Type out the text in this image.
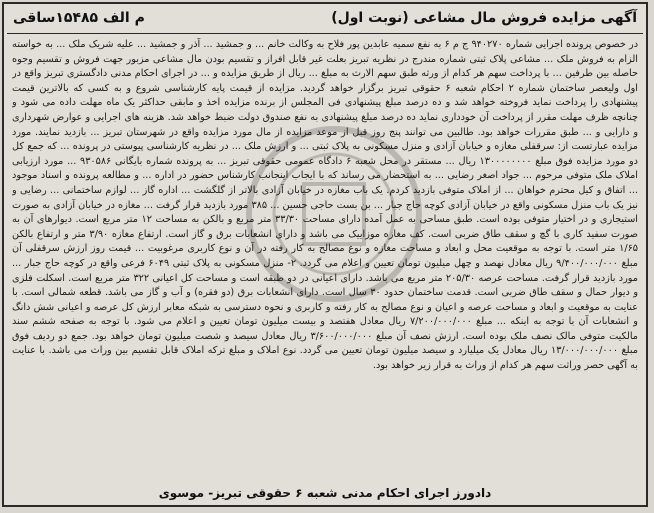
آگهی مزایده فروش مال مشاعی (نوبت اول)
م الف ۱۵۴۸۵ساقی
در خصوص پرونده اجرایی شماره ۹۴۰۲۷۰ ج م ۶ به نفع سمیه عابدین پور فلاح به وکالت خانم ... و جمشید ... آذر و جمشید ... علیه شریک ملک ... به خواسته الزام به فروش ملک ... مشاعی پلاک ثبتی شماره مندرج در نظریه تبریز بعلت غیر قابل افراز و تقسیم بودن مال مشاعی مزبور جهت فروش و تقسیم وجوه حاصله بین طرفین ... با پرداخت سهم هر کدام از ورثه طبق سهم الارث به مبلغ ... ریال از طریق مزایده و ... در اجرای احکام مدنی دادگستری تبریز واقع در اول ولیعصر ساختمان شماره ۲ احکام شعبه ۶ حقوقی تبریز برگزار خواهد گردید. مزایده از قیمت پایه کارشناسی شروع و به کسی که بالاترین قیمت پیشنهادی را پرداخت نماید فروخته خواهد شد و ده درصد مبلغ پیشنهادی فی المجلس از برنده مزایده اخذ و مابقی حداکثر یک ماه مهلت داده می شود و چنانچه ظرف مهلت مقرر از پرداخت آن خودداری نماید ده درصد مبلغ پیشنهادی به نفع صندوق دولت ضبط خواهد شد. هزینه های اجرایی و عوارض شهرداری و دارایی و ... طبق مقررات خواهد بود. طالبین می توانند پنج روز قبل از موعد مزایده از مال مورد مزایده واقع در شهرستان تبریز ... بازدید نمایند. مورد مزایده عبارتست از: سرقفلی مغازه و خیابان آزادی و منزل مسکونی به پلاک ثبتی ... و ارزش ملک ... در نظریه کارشناسی پیوستی در پرونده ... که جمع کل دو مورد مزایده فوق مبلغ ۱۳۰۰۰۰۰۰۰۰ ریال ... مستقر در محل شعبه ۶ دادگاه عمومی حقوقی تبریز ... به پرونده شماره بایگانی ۹۳۰۵۸۶ ... مورد ارزیابی املاک ملک متوفی مرحوم ... جواد اصغر رضایی ... به استحضار می رساند که با ایجاب اینجانب کارشناس حضور در اداره ... و مطالعه پرونده و اسناد موجود ... اتفاق و کیل محترم خواهان ... از املاک متوفی بازدید کردم. یک باب مغازه در خیابان آزادی بالاتر از گلگشت ... اداره گاز ... لوازم ساختمانی ... رضایی و نیز یک باب منزل مسکونی واقع در خیابان آزادی کوچه حاج جبار ... بن بست حاجی حسین ... ۳۸۵ مورد بازدید قرار گرفت ... مغازه در خیابان آزادی به صورت استیجاری و در اختیار متوفی بوده است. طبق مساحی به عمل آمده دارای مساحت ۳۳/۳۰ متر مربع و بالکن به مساحت ۱۲ متر مربع است. دیوارهای آن به صورت سفید کاری با گچ و سقف طاق ضربی است. کف مغازه موزاییک می باشد و دارای انشعابات برق و گاز است. ارتفاع مغازه ۳/۹۰ متر و ارتفاع بالکن ۱/۶۵ متر است. با توجه به موقعیت محل و ابعاد و مساحت مغازه و نوع مصالح به کار رفته در آن و نوع کاربری مرغوبیت ... قیمت روز ارزش سرقفلی آن مبلغ ۹/۴۰۰/۰۰۰/۰۰۰ ریال معادل نهصد و چهل میلیون تومان تعیین و اعلام می گردد. ۲- منزل مسکونی به پلاک ثبتی ۶۰۴۹ فرعی واقع در کوچه حاج جبار ... مورد بازدید قرار گرفت. مساحت عرصه ۲۰۵/۳۰ متر مربع می باشد. دارای اعیانی در دو طبقه است و مساحت کل اعیانی ۳۲۲ متر مربع است. اسکلت فلزی و دیوار حمال و سقف طاق ضربی است. قدمت ساختمان حدود ۳۰ سال است. دارای انشعابات برق (دو فقره) و آب و گاز می باشد. قطعه شمالی است. با عنایت به موقعیت و ابعاد و مساحت عرصه و اعیان و نوع مصالح به کار رفته و کاربری و نحوه دسترسی به شبکه معابر ارزش کل عرصه و اعیانی شش دانگ و انشعابات آن با توجه به اینکه ... مبلغ ۷/۲۰۰/۰۰۰/۰۰۰ ریال معادل هفتصد و بیست میلیون تومان تعیین و اعلام می شود. با توجه به صفحه ششم سند مالکیت متوفی مالک نصف ملک بوده است. ارزش نصف آن مبلغ ۳/۶۰۰/۰۰۰/۰۰۰ ریال معادل سیصد و شصت میلیون تومان خواهد بود. جمع دو ردیف فوق مبلغ ۱۳/۰۰۰/۰۰۰/۰۰۰ ریال معادل یک میلیارد و سیصد میلیون تومان تعیین می گردد. نوع املاک و مبلغ ترکه املاک قابل تقسیم بین وراث می باشد. با عنایت به آگهی حصر وراثت سهم هر کدام از وراث به قرار زیر خواهد بود.
دادورز اجرای احکام مدنی شعبه ۶ حقوقی تبریز- موسوی
